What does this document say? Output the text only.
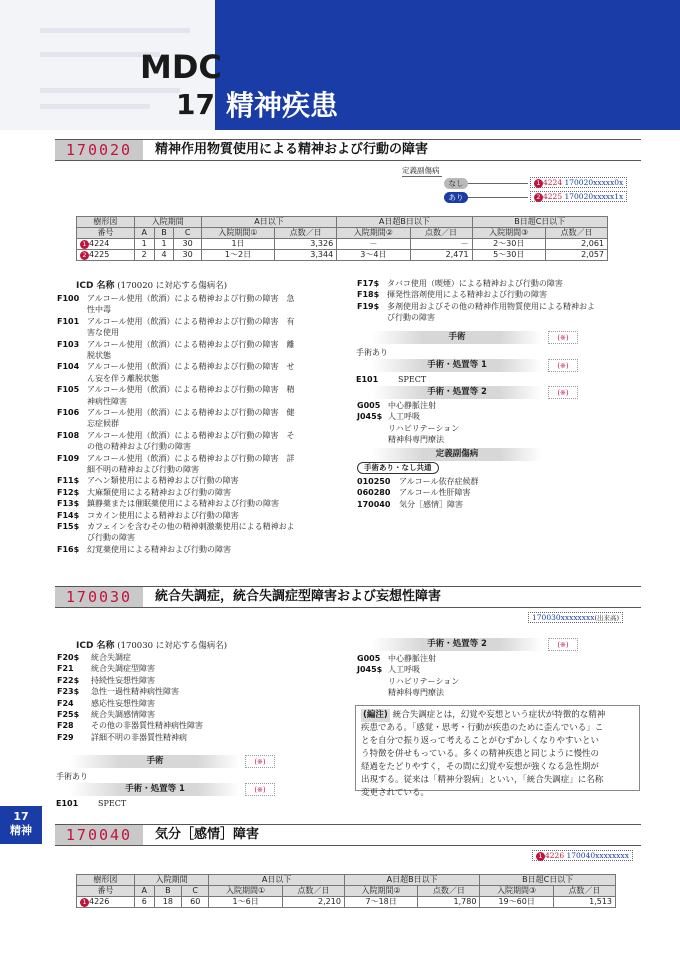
MDC
17 精神疾患
170020	精神作用物質使用による精神および行動の障害
定義副傷病
なし
あり
1 4224 170020xxxxx0x
2 4225 170020xxxxx1x
樹形図	入院期間			A日以下		A日超B日以下		B日超C日以下	
番号	A	B	C	入院期間①	点数／日	入院期間②	点数／日	入院期間③	点数／日
1 4224	1	1	30	1日	3,326	－	－	2～30日	2,061
2 4225	2	4	30	1～2日	3,344	3～4日	2,471	5～30日	2,057
ICD 名称 (170020 に対応する傷病名)
F100 アルコール使用（飲酒）による精神および行動の障害　急
性中毒
F101 アルコール使用（飲酒）による精神および行動の障害　有
害な使用
F103 アルコール使用（飲酒）による精神および行動の障害　離
脱状態
F104 アルコール使用（飲酒）による精神および行動の障害　せ
ん妄を伴う離脱状態
F105 アルコール使用（飲酒）による精神および行動の障害　精
神病性障害
F106 アルコール使用（飲酒）による精神および行動の障害　健
忘症候群
F108 アルコール使用（飲酒）による精神および行動の障害　そ
の他の精神および行動の障害
F109 アルコール使用（飲酒）による精神および行動の障害　詳
細不明の精神および行動の障害
F11$ アヘン類使用による精神および行動の障害
F12$ 大麻類使用による精神および行動の障害
F13$ 鎮静薬または催眠薬使用による精神および行動の障害
F14$ コカイン使用による精神および行動の障害
F15$ カフェインを含むその他の精神刺激薬使用による精神およ
び行動の障害
F16$ 幻覚薬使用による精神および行動の障害
F17$ タバコ使用（喫煙）による精神および行動の障害
F18$ 揮発性溶剤使用による精神および行動の障害
F19$ 多剤使用およびその他の精神作用物質使用による精神およ
び行動の障害
手術	(※)
手術あり
手術・処置等 1	(※)
E101 SPECT
手術・処置等 2	(※)
G005 中心静脈注射
J045$ 人工呼吸
リハビリテーション
精神科専門療法
定義副傷病
手術あり・なし共通
010250 アルコール依存症候群
060280 アルコール性肝障害
170040 気分［感情］障害
170030	統合失調症，統合失調症型障害および妄想性障害
170030xxxxxxxx(出来高)
ICD 名称 (170030 に対応する傷病名)
F20$ 統合失調症
F21 統合失調症型障害
F22$ 持続性妄想性障害
F23$ 急性一過性精神病性障害
F24 感応性妄想性障害
F25$ 統合失調感情障害
F28 その他の非器質性精神病性障害
F29 詳細不明の非器質性精神病
手術	(※)
手術あり
手術・処置等 1	(※)
E101 SPECT
手術・処置等 2	(※)
G005 中心静脈注射
J045$ 人工呼吸
リハビリテーション
精神科専門療法
(編注) 統合失調症とは，幻覚や妄想という症状が特徴的な精神
疾患である。「感覚・思考・行動が疾患のために歪んでいる」こ
とを自分で振り返って考えることがむずかしくなりやすいとい
う特徴を併せもっている。多くの精神疾患と同じように慢性の
経過をたどりやすく，その間に幻覚や妄想が強くなる急性期が
出現する。従来は「精神分裂病」といい，「統合失調症」に名称
変更されている。
17
精神	170040	気分［感情］障害
1 4226 170040xxxxxxxx
樹形図	入院期間			A日以下		A日超B日以下		B日超C日以下	
番号	A	B	C	入院期間①	点数／日	入院期間②	点数／日	入院期間③	点数／日
1 4226	6	18	60	1～6日	2,210	7～18日	1,780	19～60日	1,513
